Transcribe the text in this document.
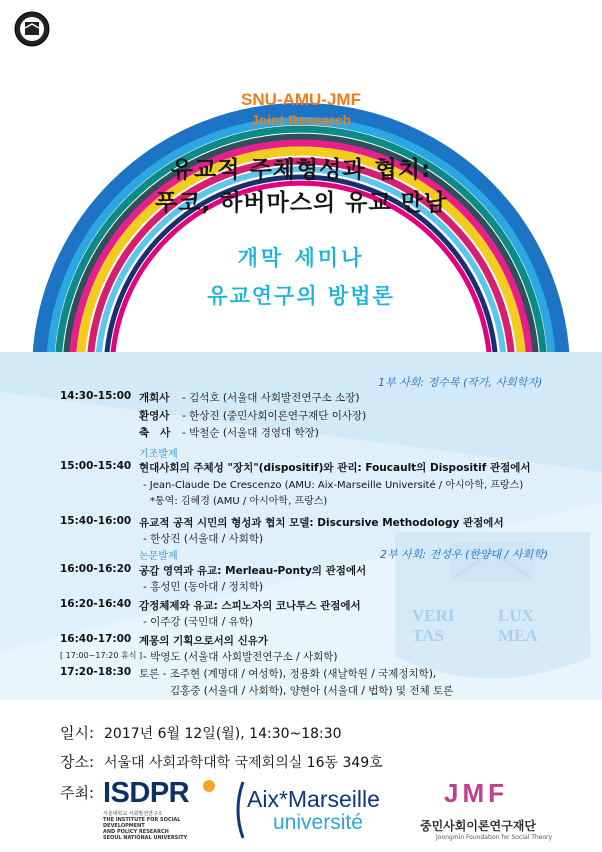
SNU-AMU-JMF
Joint Research
유교적 주체형성과 협치:
푸코, 하버마스의 유교 만남
개막 세미나
유교연구의 방법론
VERI	LUX
TAS	MEA
1부 사회: 정수복 (작가, 사회학자)
14:30-15:00 개회사 - 김석호 (서울대 사회발전연구소 소장)
환영사 - 한상진 (중민사회이론연구재단 이사장)
축   사 - 박철순 (서울대 경영대 학장)
기조발제
15:00-15:40 현대사회의 주체성 "장치"(dispositif)와 관리: Foucault의 Dispositif 관점에서
- Jean-Claude De Crescenzo (AMU: Aix-Marseille Université / 아시아학, 프랑스)
*통역: 김혜경 (AMU / 아시아학, 프랑스)
15:40-16:00 유교적 공적 시민의 형성과 협치 모델: Discursive Methodology 관점에서
- 한상진 (서울대 / 사회학)
2부 사회: 전성우 (한양대 / 사회학)
논문발제
16:00-16:20 공감 영역과 유교: Merleau-Ponty의 관점에서
- 홍성민 (동아대 / 정치학)
16:20-16:40 감정체제와 유교: 스피노자의 코나투스 관점에서
- 이주강 (국민대 / 유학)
16:40-17:00 계몽의 기획으로서의 신유가
- 박영도 (서울대 사회발전연구소 / 사회학)
[ 17:00~17:20 휴식 ]
17:20-18:30 토론 - 조주현 (계명대 / 여성학), 정용화 (새날학원 / 국제정치학),
김홍중 (서울대 / 사회학), 양현아 (서울대 / 법학) 및 전체 토론
일시: 2017년 6월 12일(월), 14:30~18:30
장소: 서울대 사회과학대학 국제회의실 16동 349호
주최: ISDPR
서울대학교 사회발전연구소
THE INSTITUTE FOR SOCIAL DEVELOPMENT
AND POLICY RESEARCH
SEOUL NATIONAL UNIVERSITY
Aix*Marseille
université
JMF
중민사회이론연구재단
Joongmin Foundation for Social Theory
